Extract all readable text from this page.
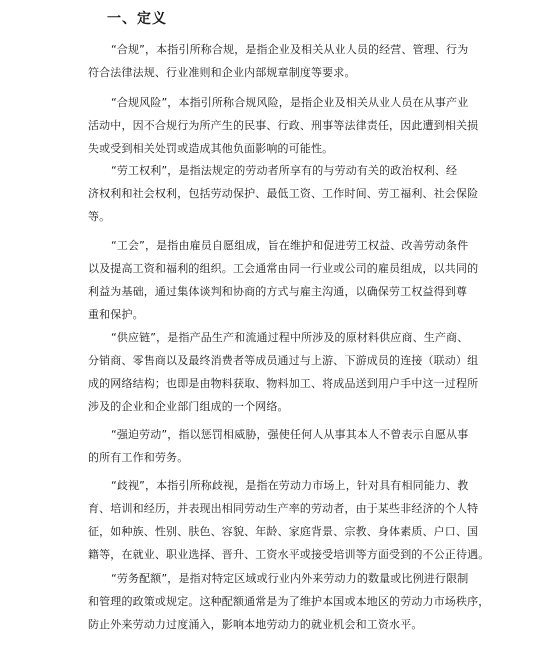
一、定义
“合规”，本指引所称合规，是指企业及相关从业人员的经营、管理、行为
符合法律法规、行业准则和企业内部规章制度等要求。
“合规风险”，本指引所称合规风险，是指企业及相关从业人员在从事产业
活动中，因不合规行为所产生的民事、行政、刑事等法律责任，因此遭到相关损
失或受到相关处罚或造成其他负面影响的可能性。
“劳工权利”，是指法规定的劳动者所享有的与劳动有关的政治权利、经
济权利和社会权利，包括劳动保护、最低工资、工作时间、劳工福利、社会保险
等。
“工会”，是指由雇员自愿组成，旨在维护和促进劳工权益、改善劳动条件
以及提高工资和福利的组织。工会通常由同一行业或公司的雇员组成，以共同的
利益为基础，通过集体谈判和协商的方式与雇主沟通，以确保劳工权益得到尊
重和保护。
“供应链”，是指产品生产和流通过程中所涉及的原材料供应商、生产商、
分销商、零售商以及最终消费者等成员通过与上游、下游成员的连接（联动）组
成的网络结构；也即是由物料获取、物料加工、将成品送到用户手中这一过程所
涉及的企业和企业部门组成的一个网络。
“强迫劳动”，指以惩罚相威胁，强使任何人从事其本人不曾表示自愿从事
的所有工作和劳务。
“歧视”，本指引所称歧视，是指在劳动力市场上，针对具有相同能力、教
育、培训和经历，并表现出相同劳动生产率的劳动者，由于某些非经济的个人特
征，如种族、性别、肤色、容貌、年龄、家庭背景、宗教、身体素质、户口、国
籍等，在就业、职业选择、晋升、工资水平或接受培训等方面受到的不公正待遇。
“劳务配额”，是指对特定区域或行业内外来劳动力的数量或比例进行限制
和管理的政策或规定。这种配额通常是为了维护本国或本地区的劳动力市场秩序，
防止外来劳动力过度涌入，影响本地劳动力的就业机会和工资水平。
